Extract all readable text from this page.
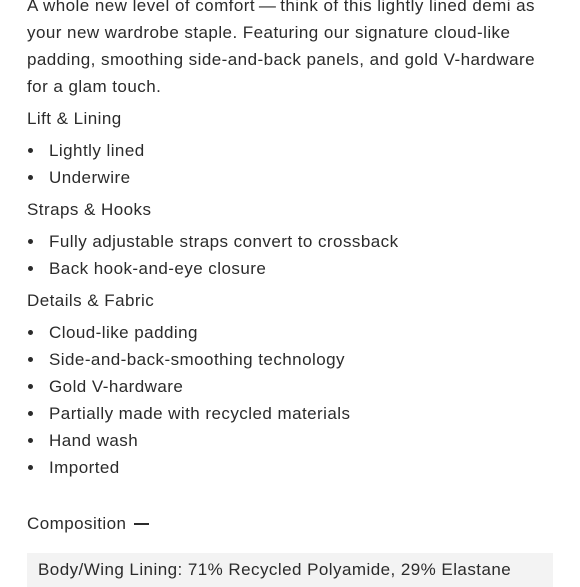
A whole new level of comfort — think of this lightly lined demi as your new wardrobe staple. Featuring our signature cloud-like padding, smoothing side-and-back panels, and gold V-hardware for a glam touch.

Lift & Lining
Lightly lined
Underwire
Straps & Hooks
Fully adjustable straps convert to crossback
Back hook-and-eye closure
Details & Fabric
Cloud-like padding
Side-and-back-smoothing technology
Gold V-hardware
Partially made with recycled materials
Hand wash
Imported
Composition
Body/Wing Lining: 71% Recycled Polyamide, 29% Elastane
